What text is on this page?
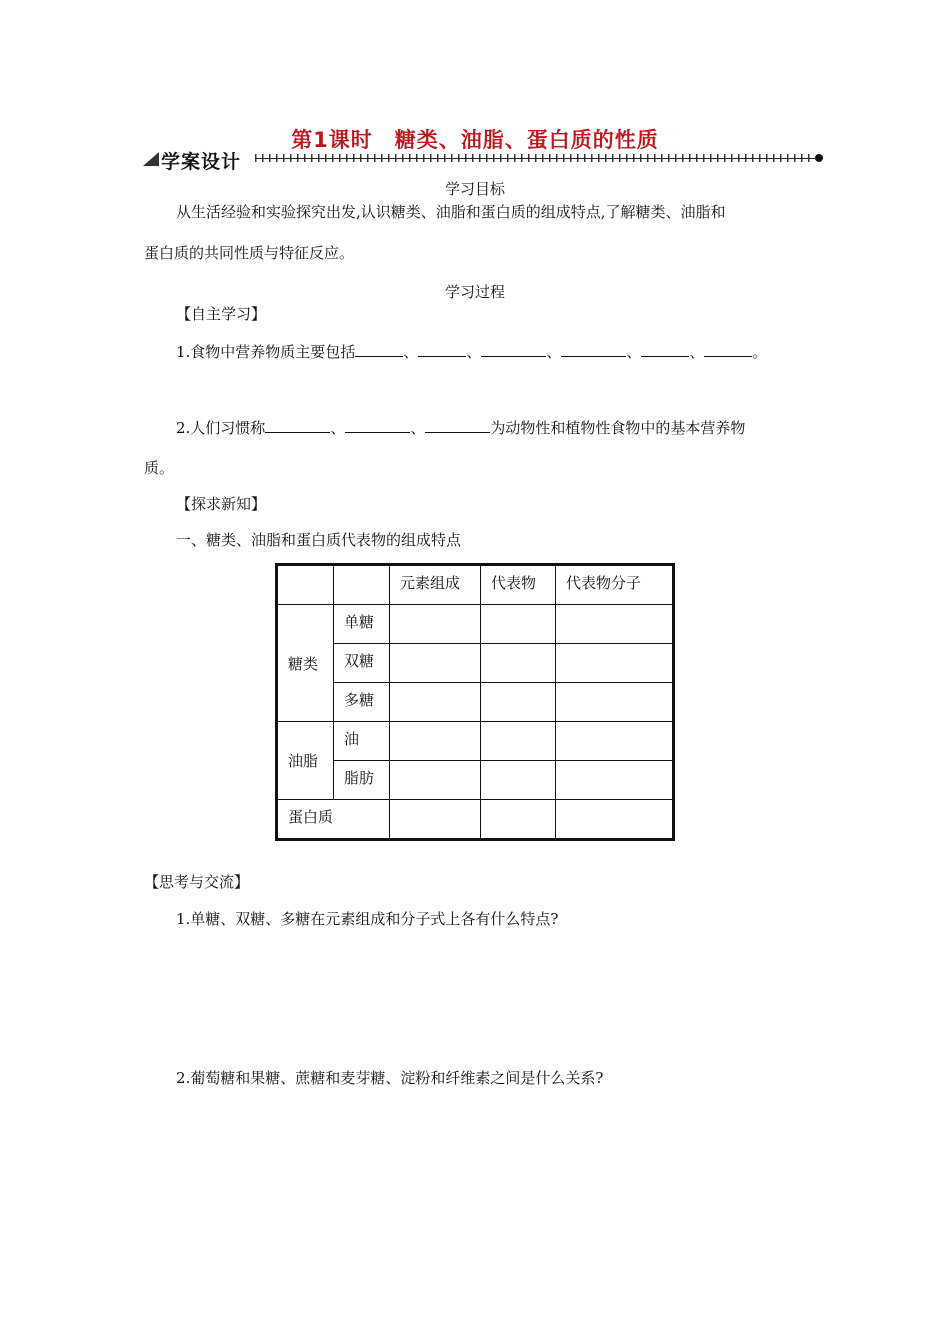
第1课时　糖类、油脂、蛋白质的性质
学案设计
学习目标
从生活经验和实验探究出发,认识糖类、油脂和蛋白质的组成特点,了解糖类、油脂和
蛋白质的共同性质与特征反应。
学习过程
【自主学习】
1.食物中营养物质主要包括	、	、	、	、	、	。
2.人们习惯称	、	、	为动物性和植物性食物中的基本营养物
质。
【探求新知】
一、糖类、油脂和蛋白质代表物的组成特点
		元素组成	代表物	代表物分子
糖类	单糖			
	双糖			
	多糖			
油脂	油			
	脂肪			
蛋白质				
【思考与交流】
1.单糖、双糖、多糖在元素组成和分子式上各有什么特点?
2.葡萄糖和果糖、蔗糖和麦芽糖、淀粉和纤维素之间是什么关系?
